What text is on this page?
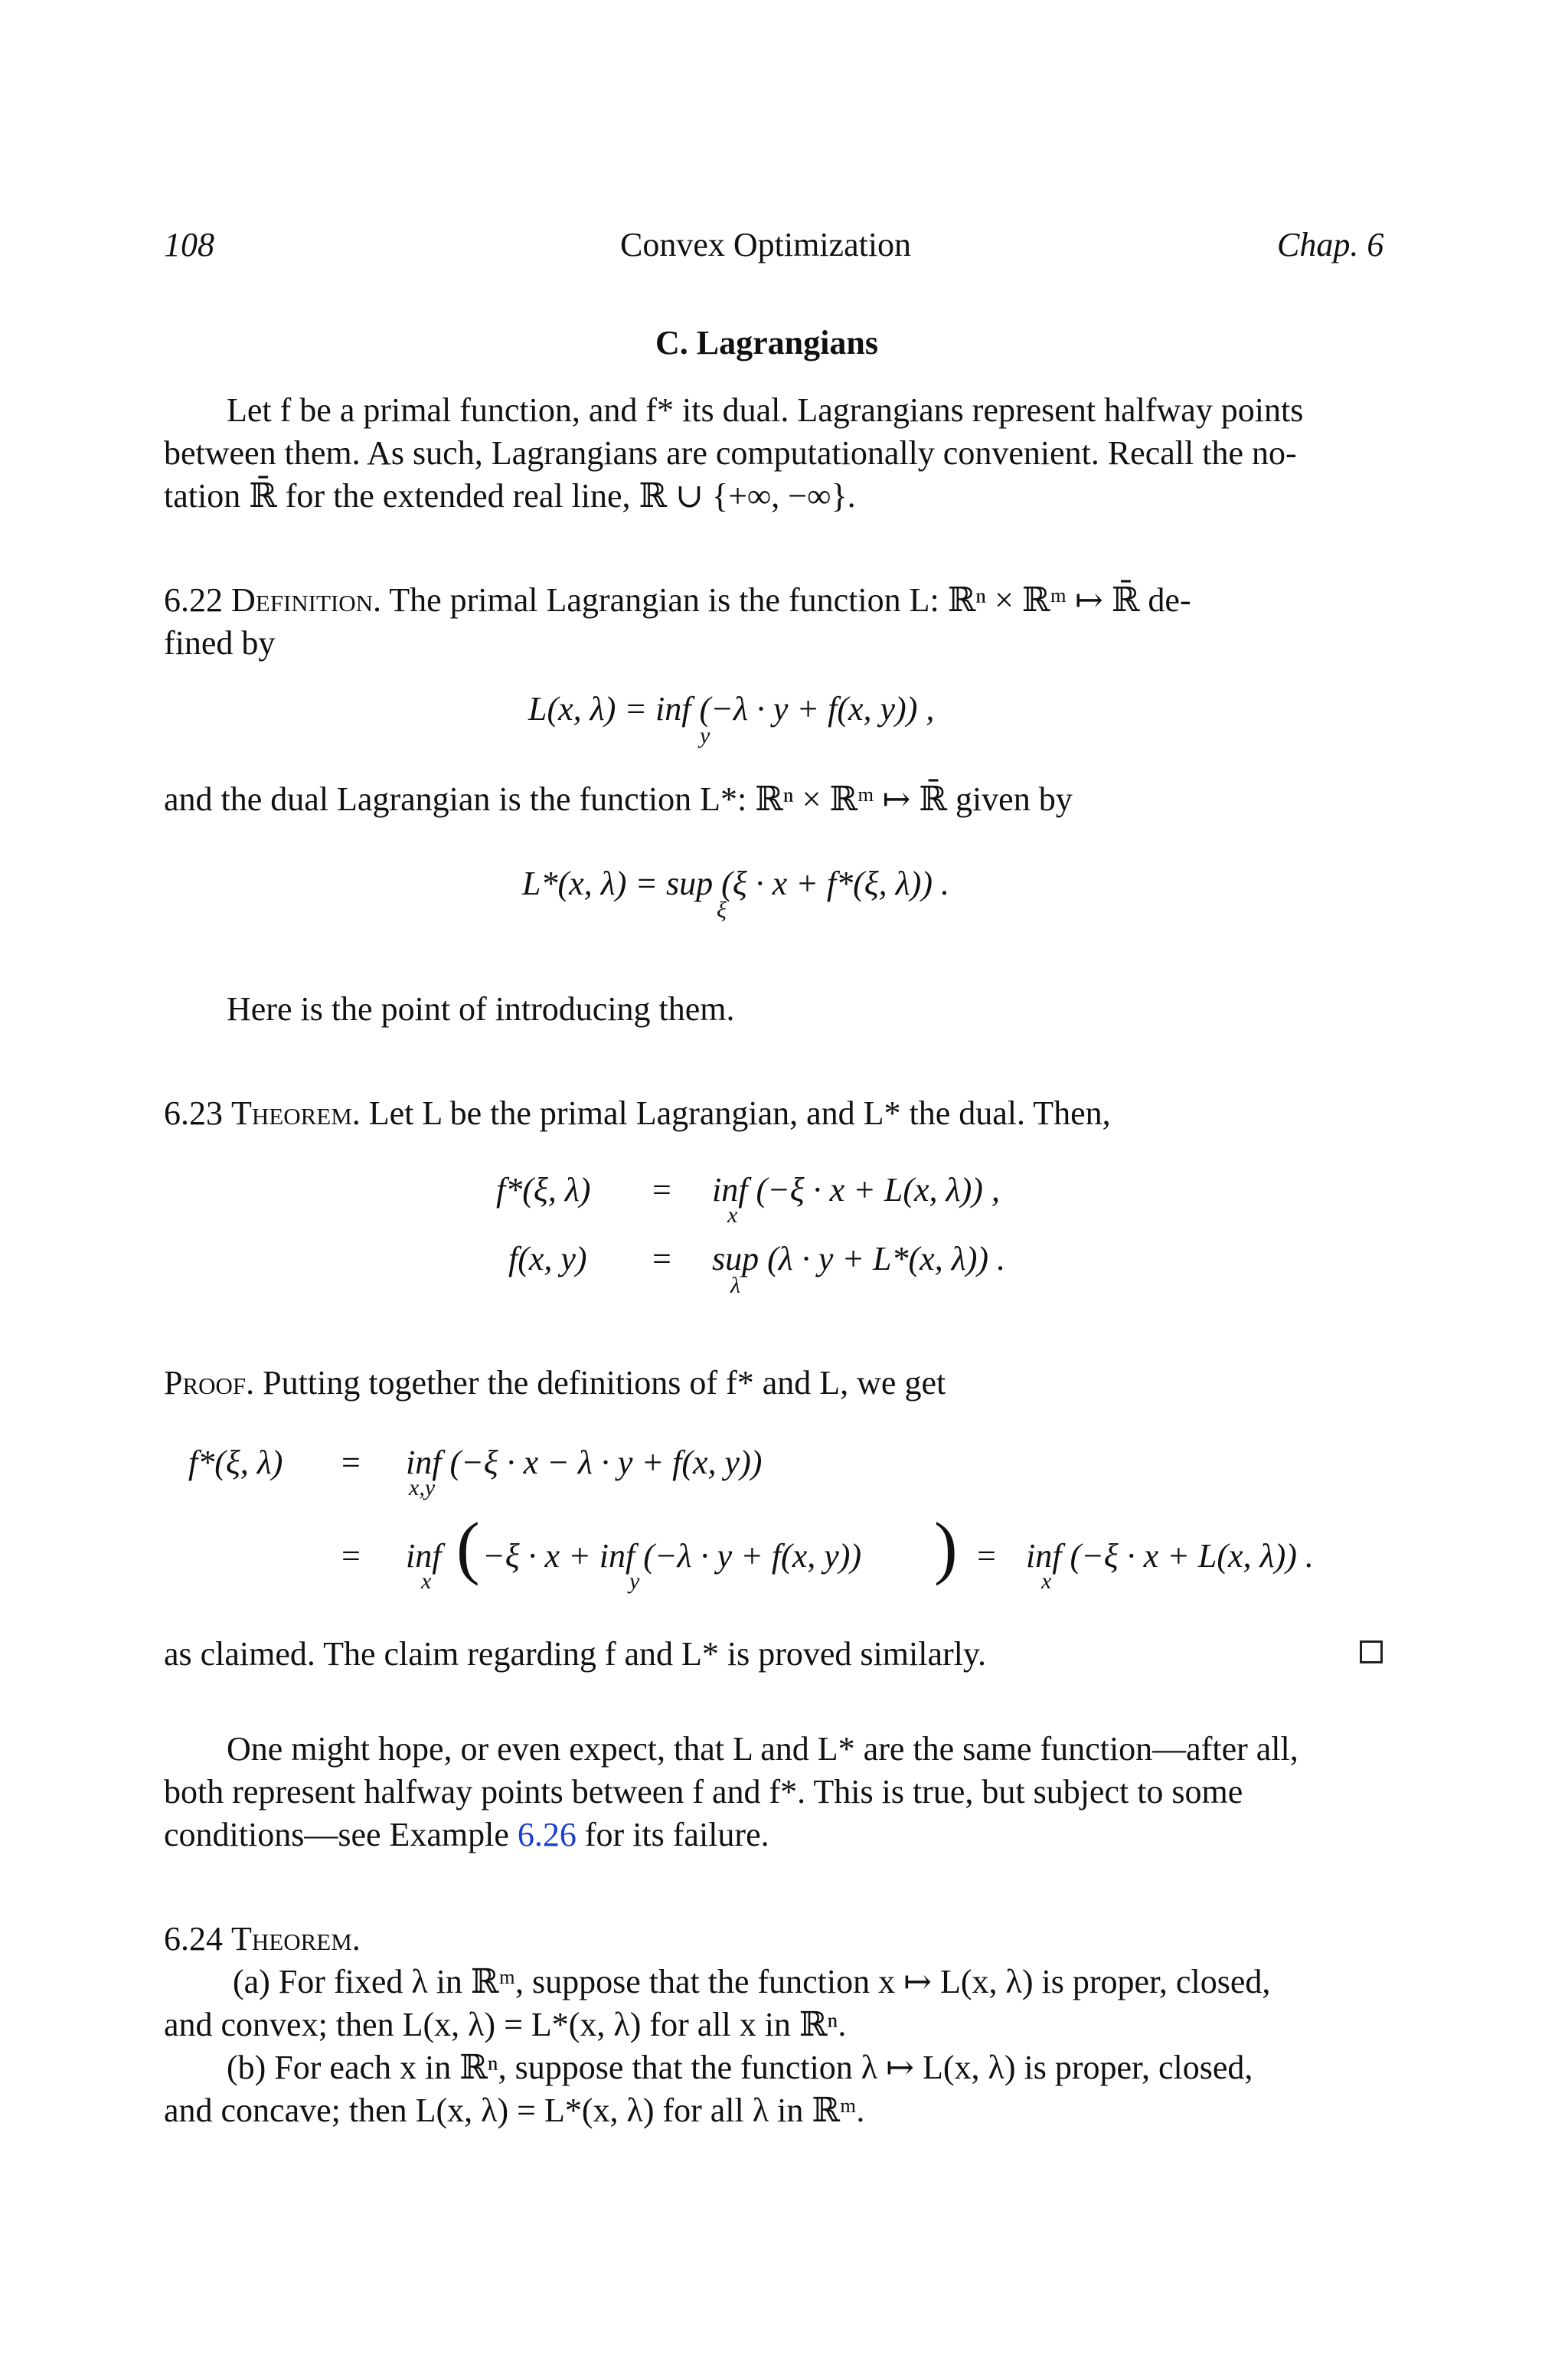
108	Convex Optimization	Chap. 6
C. Lagrangians
Let f be a primal function, and f* its dual. Lagrangians represent halfway points
between them. As such, Lagrangians are computationally convenient. Recall the no-
tation ℝ̄ for the extended real line, ℝ ∪ {+∞, −∞}.
6.22 Definition. The primal Lagrangian is the function L: ℝⁿ × ℝᵐ ↦ ℝ̄ de-
fined by
L(x, λ) = inf (−λ · y + f(x, y)) ,
y
and the dual Lagrangian is the function L*: ℝⁿ × ℝᵐ ↦ ℝ̄ given by
L*(x, λ) = sup (ξ · x + f*(ξ, λ)) .
ξ
Here is the point of introducing them.
6.23 Theorem. Let L be the primal Lagrangian, and L* the dual. Then,
f*(ξ, λ) = inf (−ξ · x + L(x, λ)) ,
x
f(x, y) = sup (λ · y + L*(x, λ)) .
λ
Proof. Putting together the definitions of f* and L, we get
f*(ξ, λ) = inf (−ξ · x − λ · y + f(x, y))
x,y
= inf
x ( −ξ · x + inf (−λ · y + f(x, y))
y	) = inf (−ξ · x + L(x, λ)) .
x
as claimed. The claim regarding f and L* is proved similarly.
One might hope, or even expect, that L and L* are the same function—after all,
both represent halfway points between f and f*. This is true, but subject to some
conditions—see Example 6.26 for its failure.
6.24 Theorem.
(a) For fixed λ in ℝᵐ, suppose that the function x ↦ L(x, λ) is proper, closed,
and convex; then L(x, λ) = L*(x, λ) for all x in ℝⁿ.
(b) For each x in ℝⁿ, suppose that the function λ ↦ L(x, λ) is proper, closed,
and concave; then L(x, λ) = L*(x, λ) for all λ in ℝᵐ.
